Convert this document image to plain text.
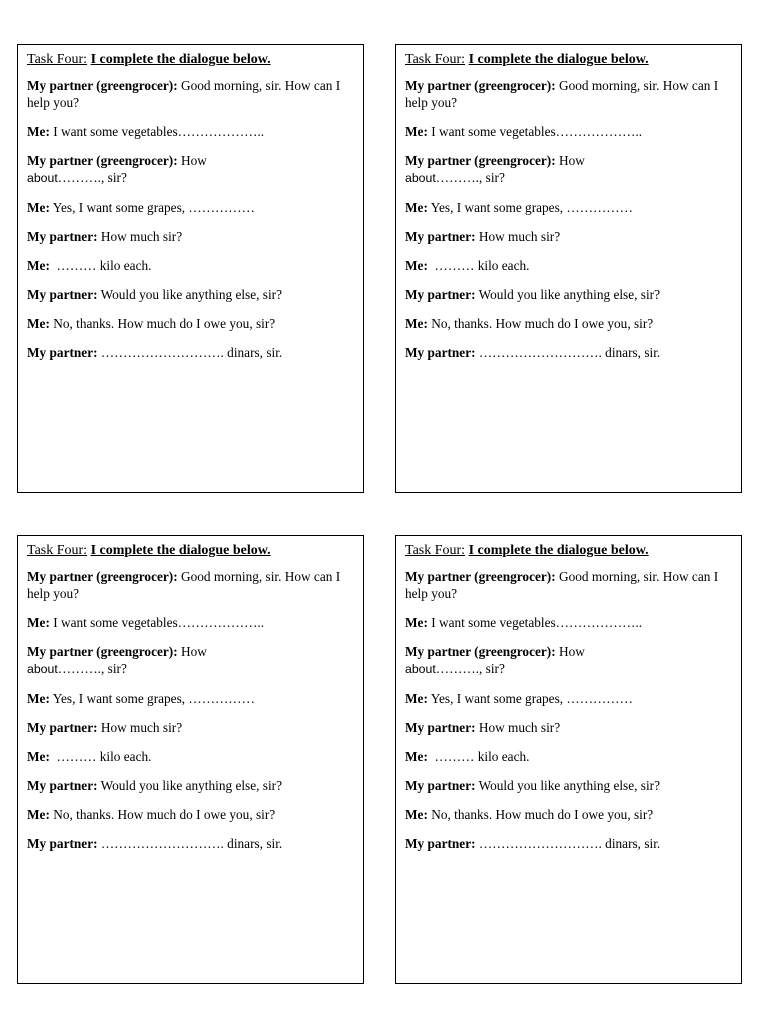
Task Four: I complete the dialogue below.
My partner (greengrocer): Good morning, sir. How can I help you?
Me: I want some vegetables………………..
My partner (greengrocer): How
about………., sir?
Me: Yes, I want some grapes, ……………
My partner: How much sir?
Me: ……… kilo each.
My partner: Would you like anything else, sir?
Me: No, thanks. How much do I owe you, sir?
My partner: ………………………. dinars, sir.
Task Four: I complete the dialogue below.
My partner (greengrocer): Good morning, sir. How can I help you?
Me: I want some vegetables………………..
My partner (greengrocer): How
about………., sir?
Me: Yes, I want some grapes, ……………
My partner: How much sir?
Me: ……… kilo each.
My partner: Would you like anything else, sir?
Me: No, thanks. How much do I owe you, sir?
My partner: ………………………. dinars, sir.
Task Four: I complete the dialogue below.
My partner (greengrocer): Good morning, sir. How can I help you?
Me: I want some vegetables………………..
My partner (greengrocer): How
about………., sir?
Me: Yes, I want some grapes, ……………
My partner: How much sir?
Me: ……… kilo each.
My partner: Would you like anything else, sir?
Me: No, thanks. How much do I owe you, sir?
My partner: ………………………. dinars, sir.
Task Four: I complete the dialogue below.
My partner (greengrocer): Good morning, sir. How can I help you?
Me: I want some vegetables………………..
My partner (greengrocer): How
about………., sir?
Me: Yes, I want some grapes, ……………
My partner: How much sir?
Me: ……… kilo each.
My partner: Would you like anything else, sir?
Me: No, thanks. How much do I owe you, sir?
My partner: ………………………. dinars, sir.
